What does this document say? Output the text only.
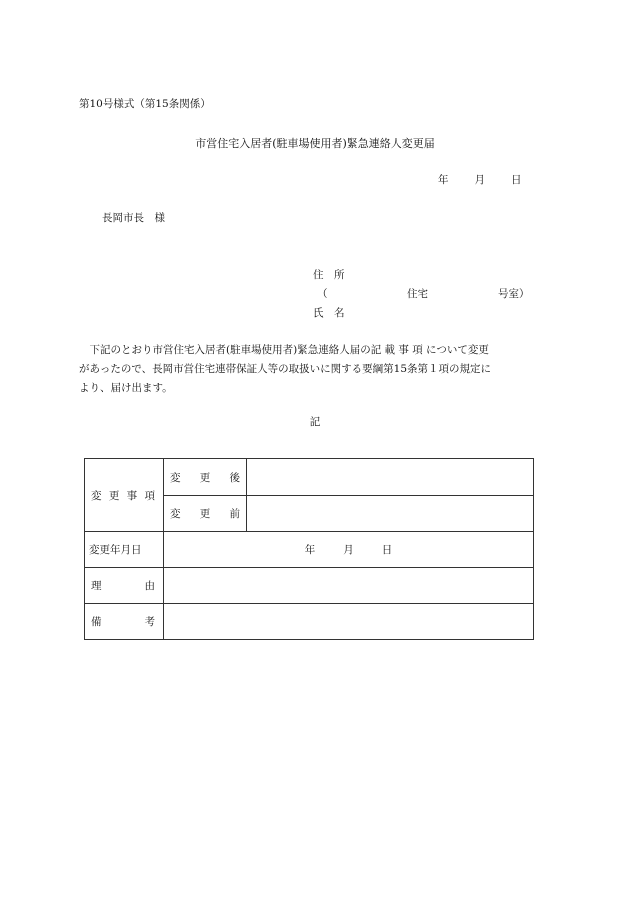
第10号様式（第15条関係）
市営住宅入居者(駐車場使用者)緊急連絡人変更届
年 月 日
長岡市長　様
住　所
（	住宅	号室）
氏　名
　下記のとおり市営住宅入居者(駐車場使用者)緊急連絡人届の記 載 事 項 について変更
があったので、長岡市営住宅連帯保証人等の取扱いに関する要綱第15条第１項の規定に
より、届け出ます。
記
変 更 事 項	変 更 後	

	変 更 前	

変更年月日	年 月 日	

理 由		

備 考		
